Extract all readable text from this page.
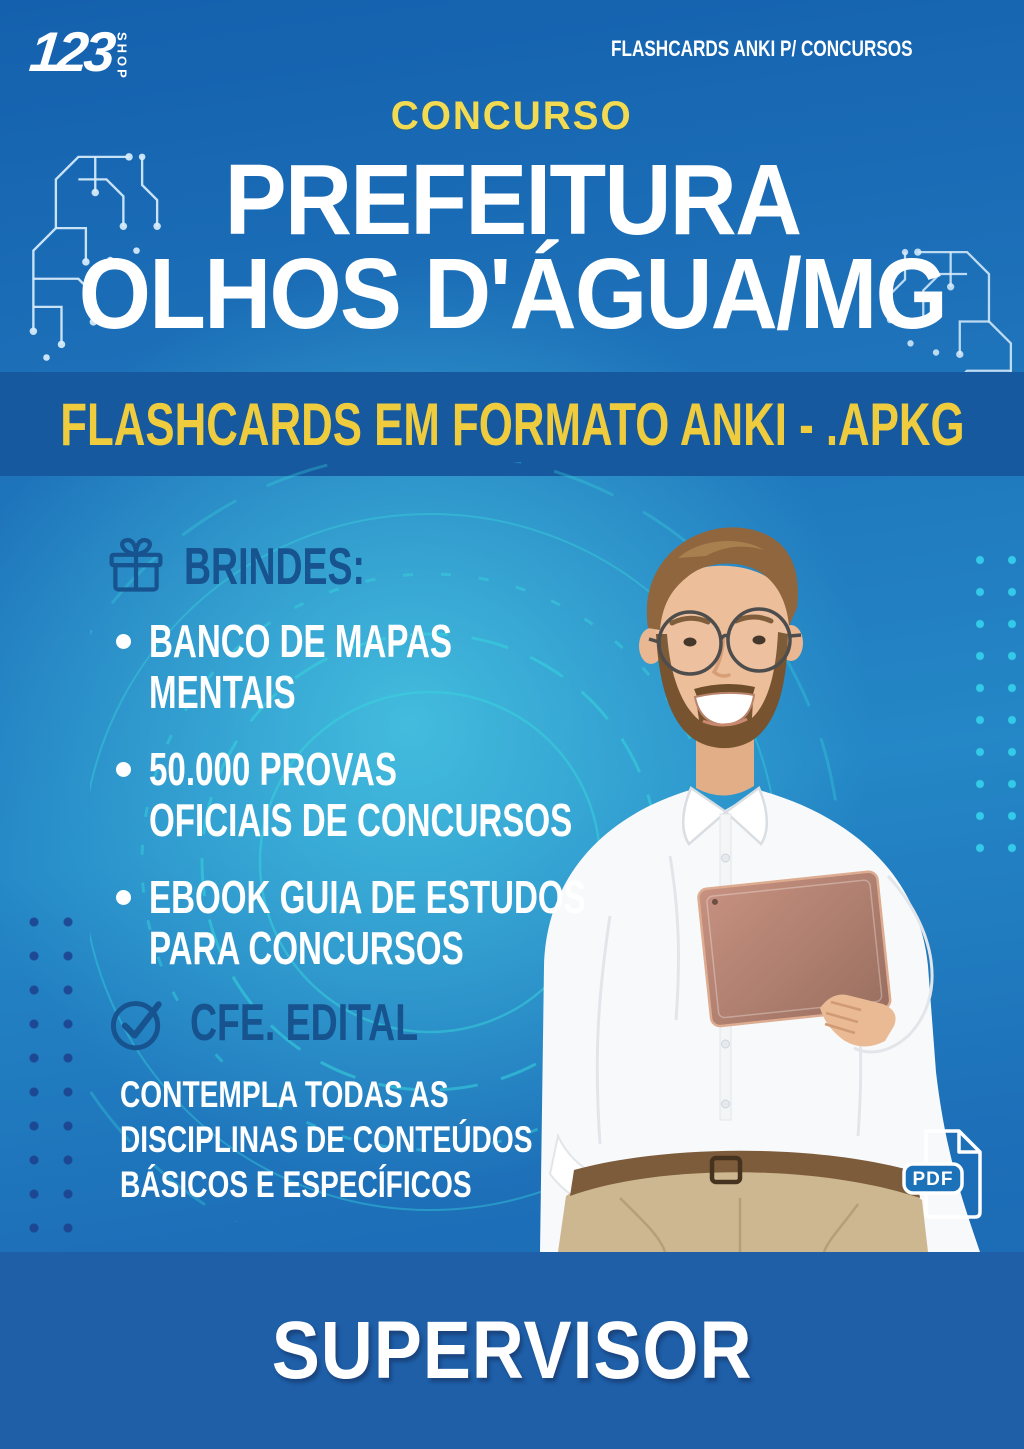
123 SHOP	FLASHCARDS ANKI P/ CONCURSOS
CONCURSO
PREFEITURA
OLHOS D'ÁGUA/MG
FLASHCARDS EM FORMATO ANKI - .APKG
BRINDES:
BANCO DE MAPAS
MENTAIS
50.000 PROVAS
OFICIAIS DE CONCURSOS
EBOOK GUIA DE ESTUDOS
PARA CONCURSOS
CFE. EDITAL
CONTEMPLA TODAS AS
DISCIPLINAS DE CONTEÚDOS
BÁSICOS E ESPECÍFICOS	PDF
SUPERVISOR
